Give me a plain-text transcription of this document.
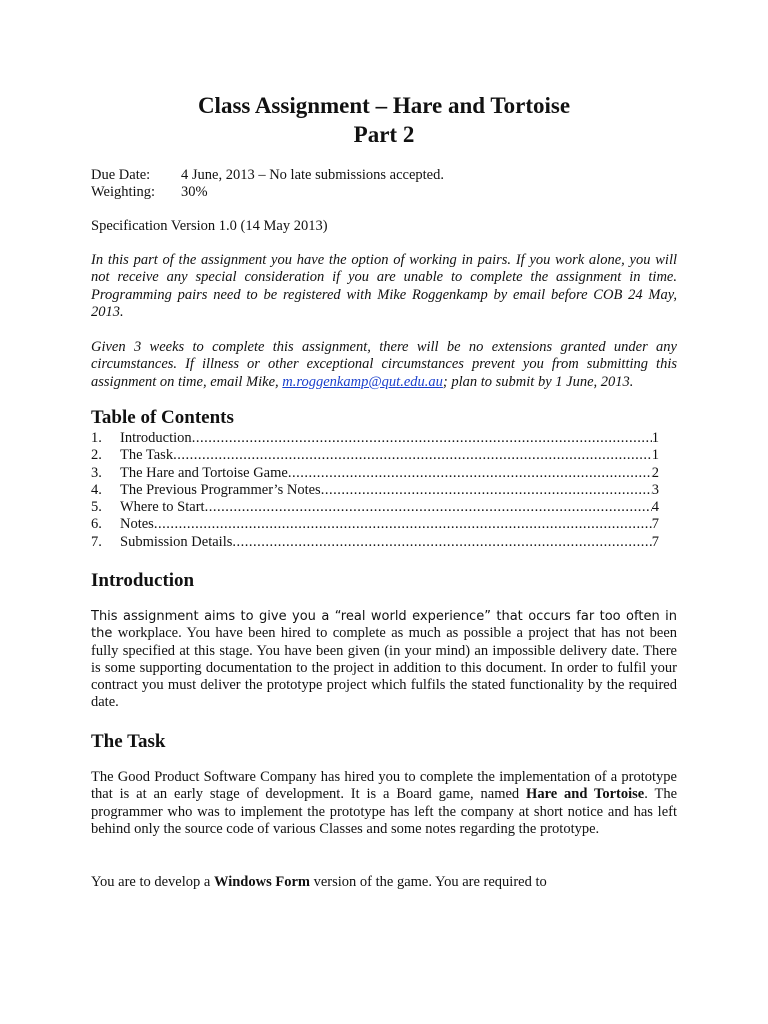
Class Assignment – Hare and Tortoise
Part 2
Due Date: 4 June, 2013 – No late submissions accepted.
Weighting: 30%
Specification Version 1.0 (14 May 2013)
In this part of the assignment you have the option of working in pairs. If you work alone, you will not receive any special consideration if you are unable to complete the assignment in time. Programming pairs need to be registered with Mike Roggenkamp by email before COB 24 May, 2013.
Given 3 weeks to complete this assignment, there will be no extensions granted under any circumstances. If illness or other exceptional circumstances prevent you from submitting this assignment on time, email Mike, m.roggenkamp@qut.edu.au; plan to submit by 1 June, 2013.
Table of Contents
1.	Introduction .....	1
2.	The Task .....	1
3.	The Hare and Tortoise Game .....	2
4.	The Previous Programmer’s Notes .....	3
5.	Where to Start .....	4
6.	Notes .....	7
7.	Submission Details .....	7
Introduction
This assignment aims to give you a “real world experience” that occurs far too often in the workplace. You have been hired to complete as much as possible a project that has not been fully specified at this stage. You have been given (in your mind) an impossible delivery date. There is some supporting documentation to the project in addition to this document. In order to fulfil your contract you must deliver the prototype project which fulfils the stated functionality by the required date.
The Task
The Good Product Software Company has hired you to complete the implementation of a prototype that is at an early stage of development. It is a Board game, named Hare and Tortoise. The programmer who was to implement the prototype has left the company at short notice and has left behind only the source code of various Classes and some notes regarding the prototype.
You are to develop a Windows Form version of the game. You are required to
